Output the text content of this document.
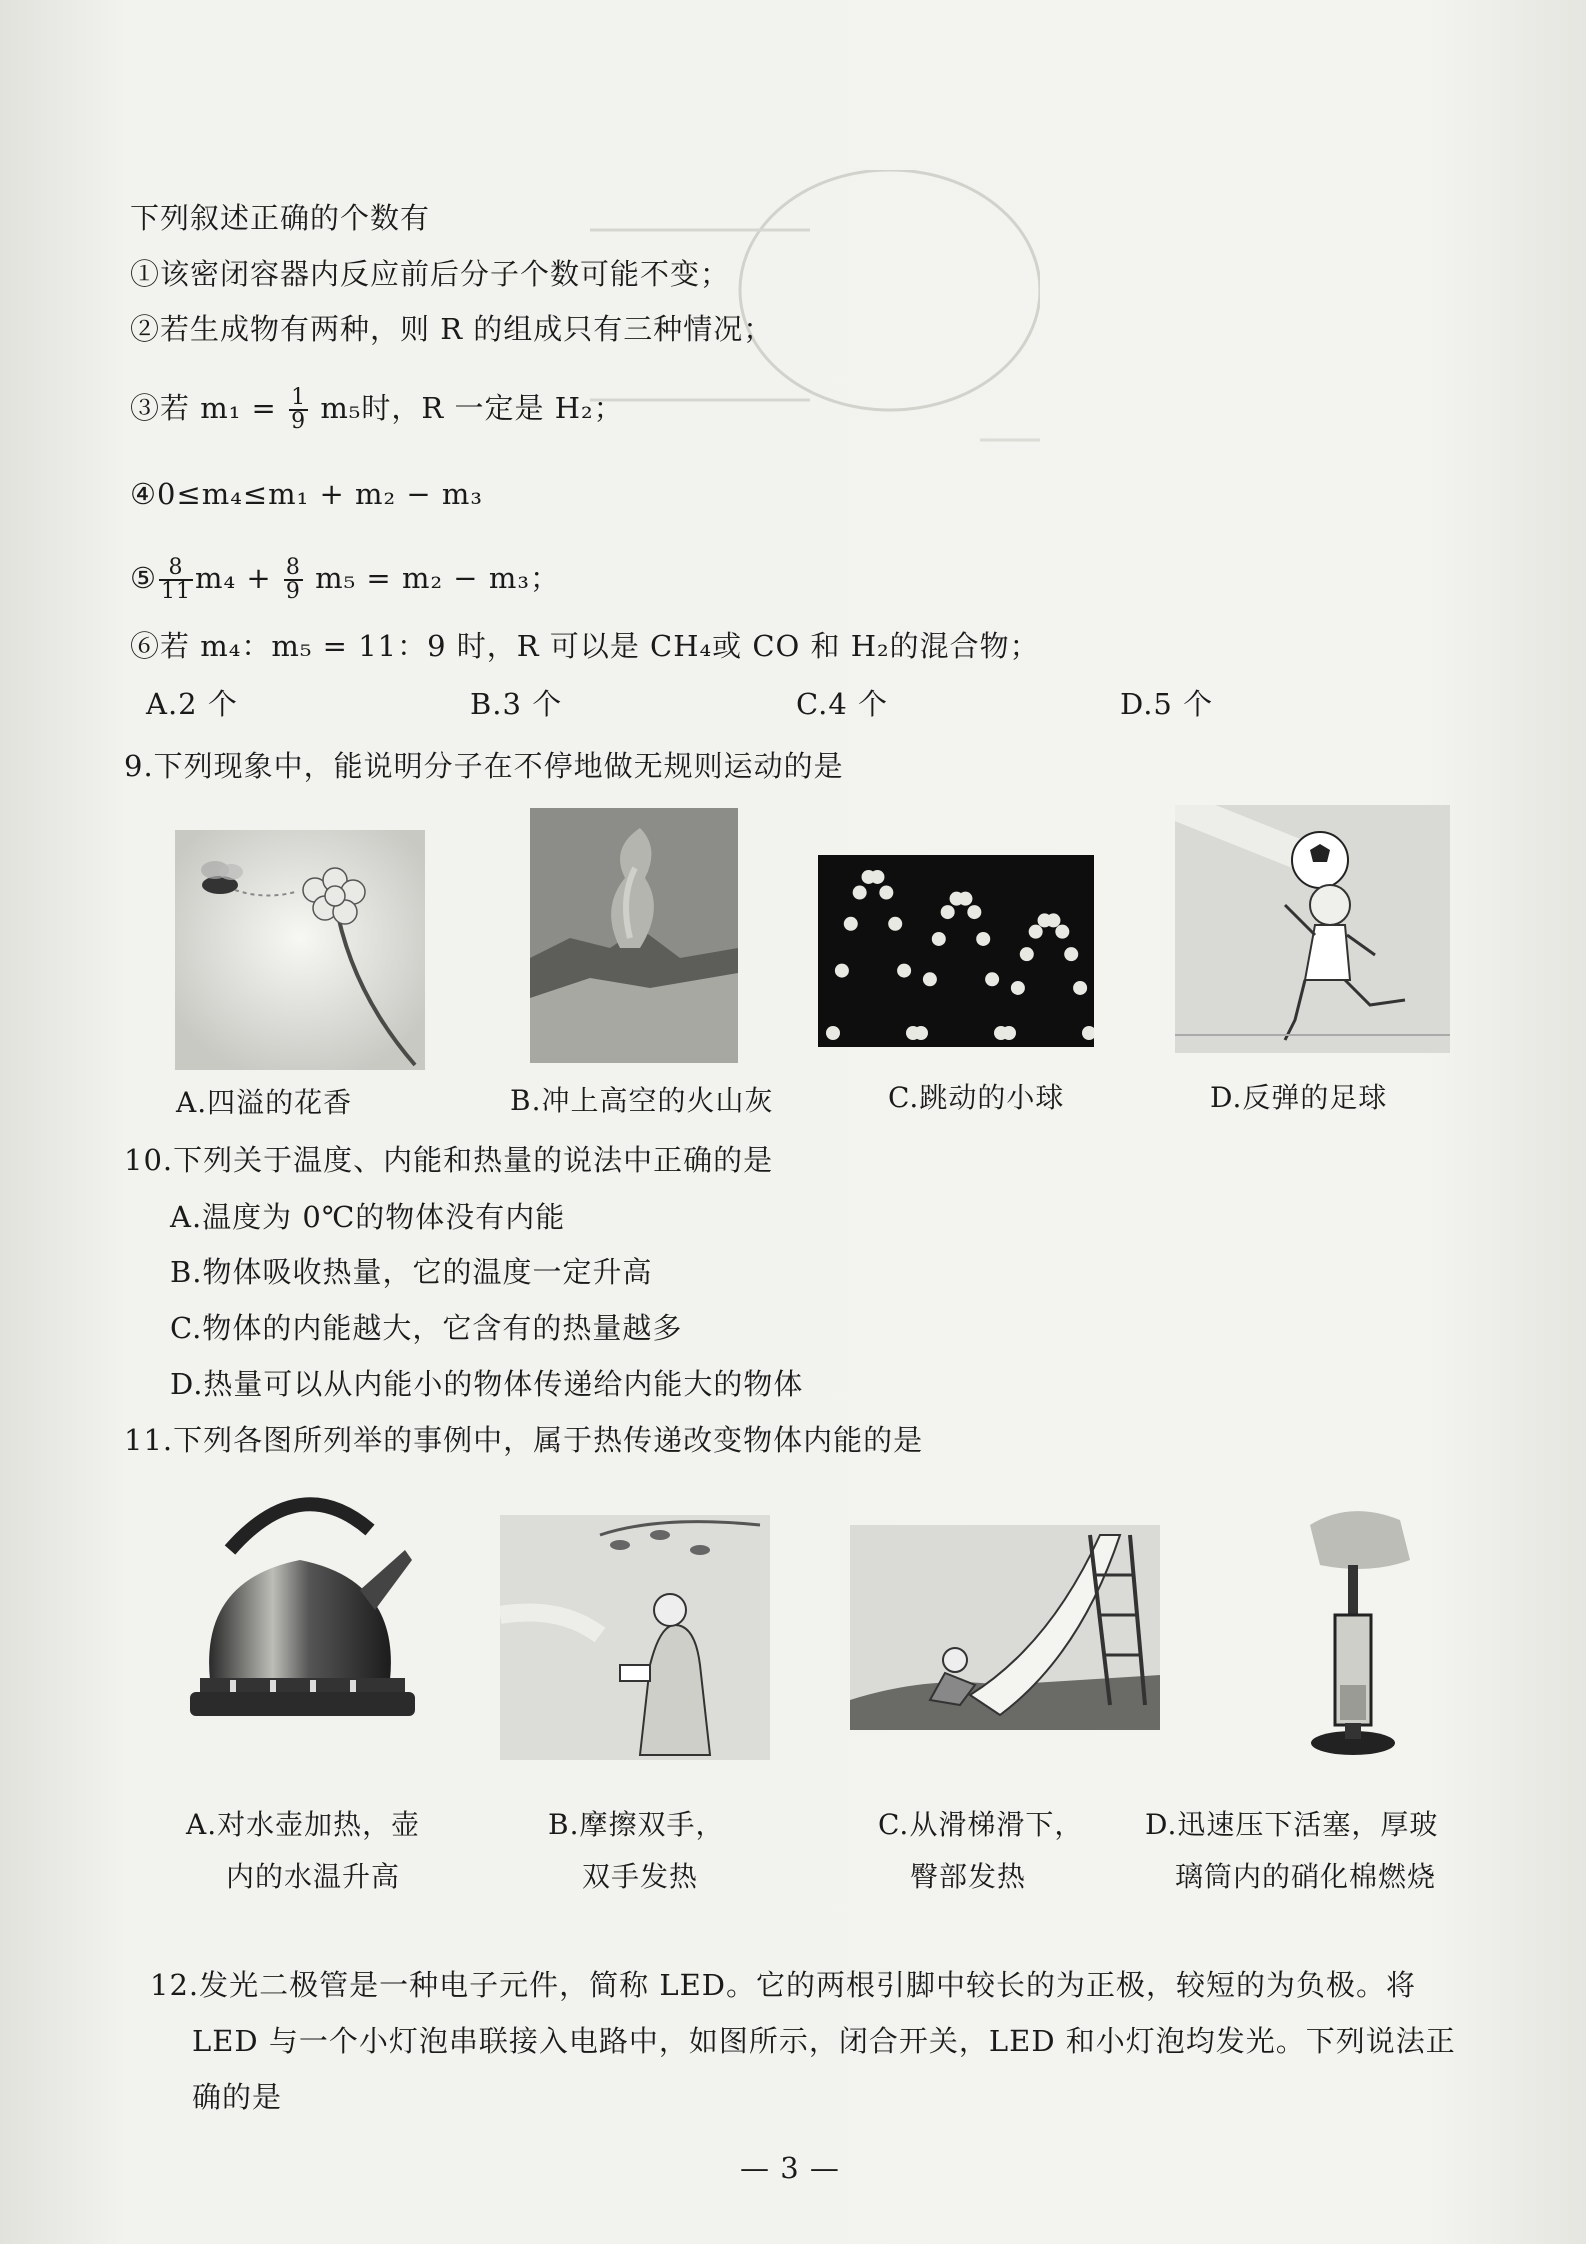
下列叙述正确的个数有
①该密闭容器内反应前后分子个数可能不变；
②若生成物有两种，则 R 的组成只有三种情况；
③若 $m_1 = \frac{1}{9} m_5$时，R 一定是 H₂；
④0≤m₄≤m₁ + m₂ − m₃
⑤ $\frac{8}{11} m_4 + \frac{8}{9} m_5 = m_2 - m_3$；
⑥若 m₄：m₅ = 11：9 时，R 可以是 CH₄或 CO 和 H₂的混合物；
A.2 个	B.3 个	C.4 个	D.5 个
9.下列现象中，能说明分子在不停地做无规则运动的是
A.四溢的花香	B.冲上高空的火山灰	C.跳动的小球	D.反弹的足球
10.下列关于温度、内能和热量的说法中正确的是
A.温度为 0℃的物体没有内能
B.物体吸收热量，它的温度一定升高
C.物体的内能越大，它含有的热量越多
D.热量可以从内能小的物体传递给内能大的物体
11.下列各图所列举的事例中，属于热传递改变物体内能的是
A.对水壶加热，壶
内的水温升高
B.摩擦双手，
双手发热
C.从滑梯滑下，
臀部发热
D.迅速压下活塞，厚玻
璃筒内的硝化棉燃烧
12.发光二极管是一种电子元件，简称 LED。它的两根引脚中较长的为正极，较短的为负极。将
LED 与一个小灯泡串联接入电路中，如图所示，闭合开关，LED 和小灯泡均发光。下列说法正
确的是
— 3 —
